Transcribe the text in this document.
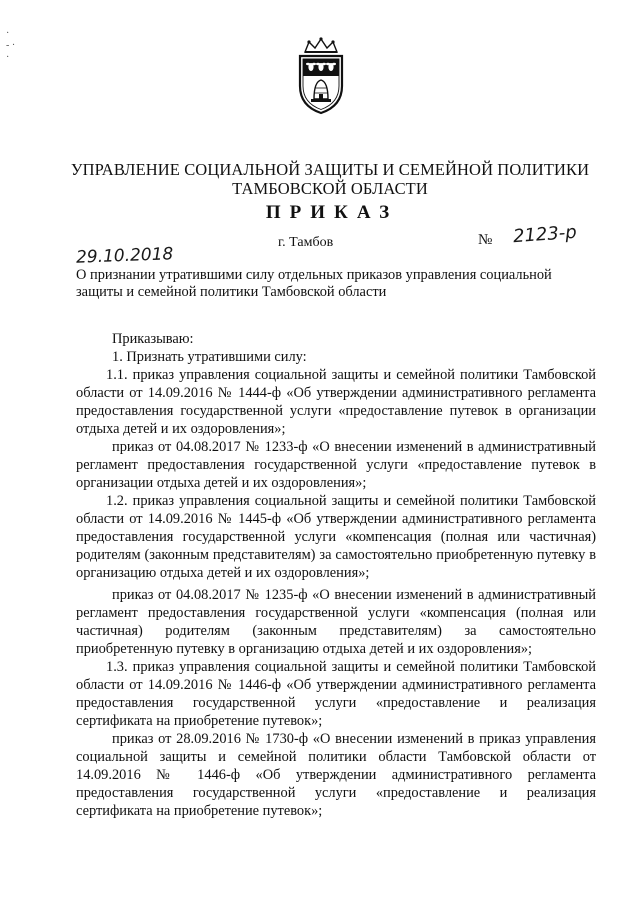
·
- ·
·
УПРАВЛЕНИЕ СОЦИАЛЬНОЙ ЗАЩИТЫ И СЕМЕЙНОЙ ПОЛИТИКИ
ТАМБОВСКОЙ ОБЛАСТИ
ПРИКАЗ
29.10.2018
г. Тамбов	№ 2123-р
О признании утратившими силу отдельных приказов управления социальной защиты и семейной политики Тамбовской области

Приказываю:

1. Признать утратившими силу:

1.1. приказ управления социальной защиты и семейной политики Тамбовской области от 14.09.2016 № 1444-ф «Об утверждении административного регламента предоставления государственной услуги «предоставление путевок в организации отдыха детей и их оздоровления»;

приказ от 04.08.2017 № 1233-ф «О внесении изменений в административный регламент предоставления государственной услуги «предоставление путевок в организации отдыха детей и их оздоровления»;

1.2. приказ управления социальной защиты и семейной политики Тамбовской области от 14.09.2016 № 1445-ф «Об утверждении административного регламента предоставления государственной услуги «компенсация (полная или частичная) родителям (законным представителям) за самостоятельно приобретенную путевку в организацию отдыха детей и их оздоровления»;

приказ от 04.08.2017 № 1235-ф «О внесении изменений в административный регламент предоставления государственной услуги «компенсация (полная или частичная) родителям (законным представителям) за самостоятельно приобретенную путевку в организацию отдыха детей и их оздоровления»;

1.3. приказ управления социальной защиты и семейной политики Тамбовской области от 14.09.2016 № 1446-ф «Об утверждении административного регламента предоставления государственной услуги «предоставление и реализация сертификата на приобретение путевок»;

приказ от 28.09.2016 № 1730-ф «О внесении изменений в приказ управления социальной защиты и семейной политики области Тамбовской области от 14.09.2016 № 1446-ф «Об утверждении административного регламента предоставления государственной услуги «предоставление и реализация сертификата на приобретение путевок»;
